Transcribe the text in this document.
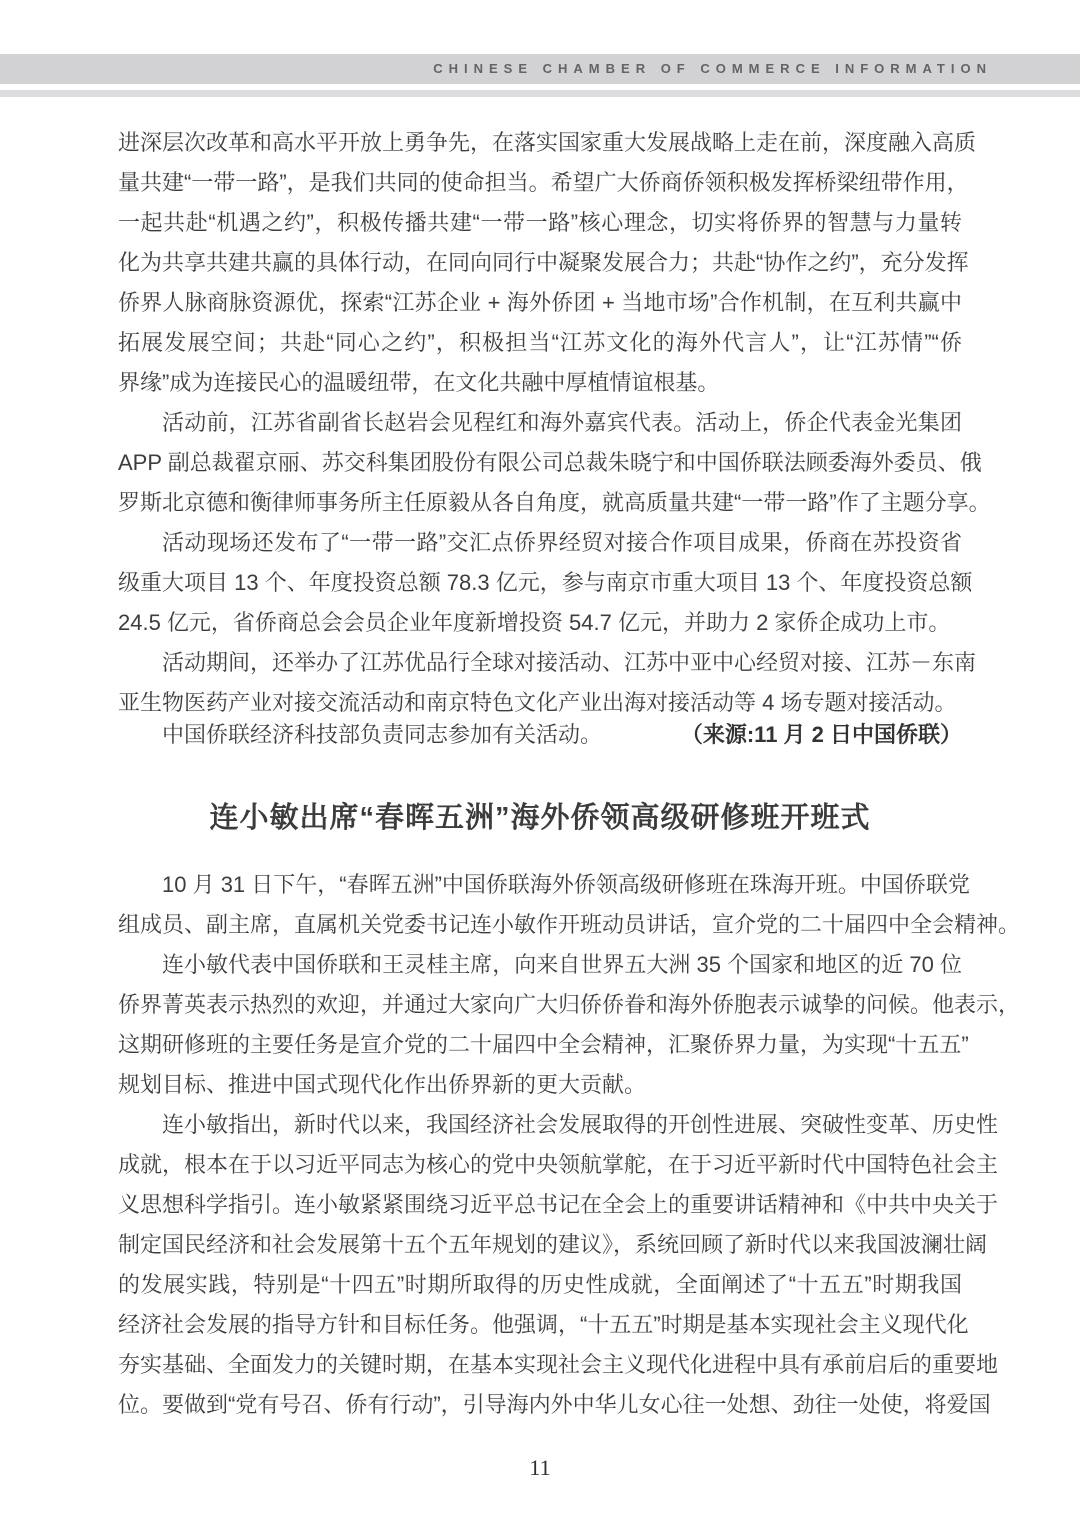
CHINESE CHAMBER OF COMMERCE INFORMATION
进深层次改革和高水平开放上勇争先，在落实国家重大发展战略上走在前，深度融入高质
量共建“一带一路”，是我们共同的使命担当。希望广大侨商侨领积极发挥桥梁纽带作用，
一起共赴“机遇之约”，积极传播共建“一带一路”核心理念，切实将侨界的智慧与力量转
化为共享共建共赢的具体行动，在同向同行中凝聚发展合力；共赴“协作之约”，充分发挥
侨界人脉商脉资源优，探索“江苏企业 + 海外侨团 + 当地市场”合作机制，在互利共赢中
拓展发展空间；共赴“同心之约”，积极担当“江苏文化的海外代言人”，让“江苏情”“侨
界缘”成为连接民心的温暖纽带，在文化共融中厚植情谊根基。
活动前，江苏省副省长赵岩会见程红和海外嘉宾代表。活动上，侨企代表金光集团
APP 副总裁翟京丽、苏交科集团股份有限公司总裁朱晓宁和中国侨联法顾委海外委员、俄
罗斯北京德和衡律师事务所主任原毅从各自角度，就高质量共建“一带一路”作了主题分享。
活动现场还发布了“一带一路”交汇点侨界经贸对接合作项目成果，侨商在苏投资省
级重大项目 13 个、年度投资总额 78.3 亿元，参与南京市重大项目 13 个、年度投资总额
24.5 亿元，省侨商总会会员企业年度新增投资 54.7 亿元，并助力 2 家侨企成功上市。
活动期间，还举办了江苏优品行全球对接活动、江苏中亚中心经贸对接、江苏－东南
亚生物医药产业对接交流活动和南京特色文化产业出海对接活动等 4 场专题对接活动。
中国侨联经济科技部负责同志参加有关活动。	（来源:11 月 2 日中国侨联）
连小敏出席“春晖五洲”海外侨领高级研修班开班式
10 月 31 日下午，“春晖五洲”中国侨联海外侨领高级研修班在珠海开班。中国侨联党
组成员、副主席，直属机关党委书记连小敏作开班动员讲话，宣介党的二十届四中全会精神。
连小敏代表中国侨联和王灵桂主席，向来自世界五大洲 35 个国家和地区的近 70 位
侨界菁英表示热烈的欢迎，并通过大家向广大归侨侨眷和海外侨胞表示诚挚的问候。他表示，
这期研修班的主要任务是宣介党的二十届四中全会精神，汇聚侨界力量，为实现“十五五”
规划目标、推进中国式现代化作出侨界新的更大贡献。
连小敏指出，新时代以来，我国经济社会发展取得的开创性进展、突破性变革、历史性
成就，根本在于以习近平同志为核心的党中央领航掌舵，在于习近平新时代中国特色社会主
义思想科学指引。连小敏紧紧围绕习近平总书记在全会上的重要讲话精神和《中共中央关于
制定国民经济和社会发展第十五个五年规划的建议》，系统回顾了新时代以来我国波澜壮阔
的发展实践，特别是“十四五”时期所取得的历史性成就，全面阐述了“十五五”时期我国
经济社会发展的指导方针和目标任务。他强调，“十五五”时期是基本实现社会主义现代化
夯实基础、全面发力的关键时期，在基本实现社会主义现代化进程中具有承前启后的重要地
位。要做到“党有号召、侨有行动”，引导海内外中华儿女心往一处想、劲往一处使，将爱国
11
